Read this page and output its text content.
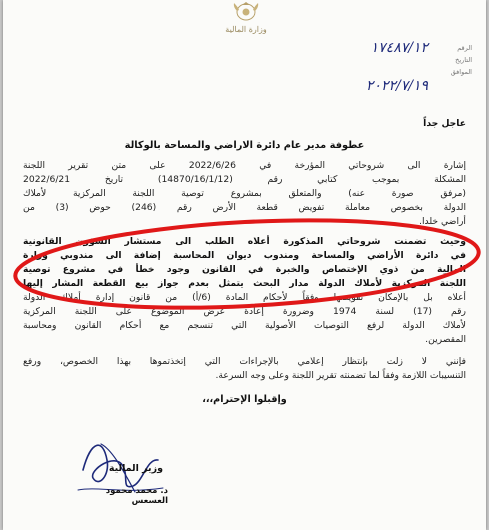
وزارة المالية
الرقم
التاريخ
الموافق
١٧٤٨٧/١٢
٢٠٢٢/٧/١٩
عاجل جداً
عطوفة مدير عام دائرة الاراضي والمساحة بالوكالة
إشارة الى شروحاتي المؤرخة في 2022/6/26 على متن تقرير اللجنة
المشكلة بموجب كتابي رقم (14870/16/1/12) تاريخ 2022/6/21
(مرفق صورة عنه) والمتعلق بمشروع توصية اللجنة المركزية لأملاك
الدولة بخصوص معاملة تفويض قطعة الأرض رقم (246) حوض (3) من
أراضي خلدا.
وحيث تضمنت شروحاتي المذكورة أعلاه الطلب الى مستشار الشؤون القانونية
في دائرة الأراضي والمساحة ومندوب ديوان المحاسبة إضافة الى مندوبي وزارة
المالية من ذوي الإختصاص والخبرة في القانون وجود خطأ في مشروع توصية
اللجنة المركزية لأملاك الدولة مدار البحث يتمثل بعدم جواز بيع القطعة المشار إليها
أعلاه بل بالإمكان تفويضها وفقاً لأحكام المادة (6/أ) من قانون إدارة أملاك الدولة
رقم (17) لسنة 1974 وضرورة إعادة عرض الموضوع على اللجنة المركزية
لأملاك الدولة لرفع التوصيات الأصولية التي تنسجم مع أحكام القانون ومحاسبة
المقصرين.
فإنني لا زلت بإنتظار إعلامي بالإجراءات التي إتخذتموها بهذا الخصوص، ورفع
التنسيبات اللازمة وفقاً لما تضمنته تقرير اللجنة وعلى وجه السرعة.
وإقبلوا الإحترام،،،
وزير المالية
د. محمد محمود العسعس
